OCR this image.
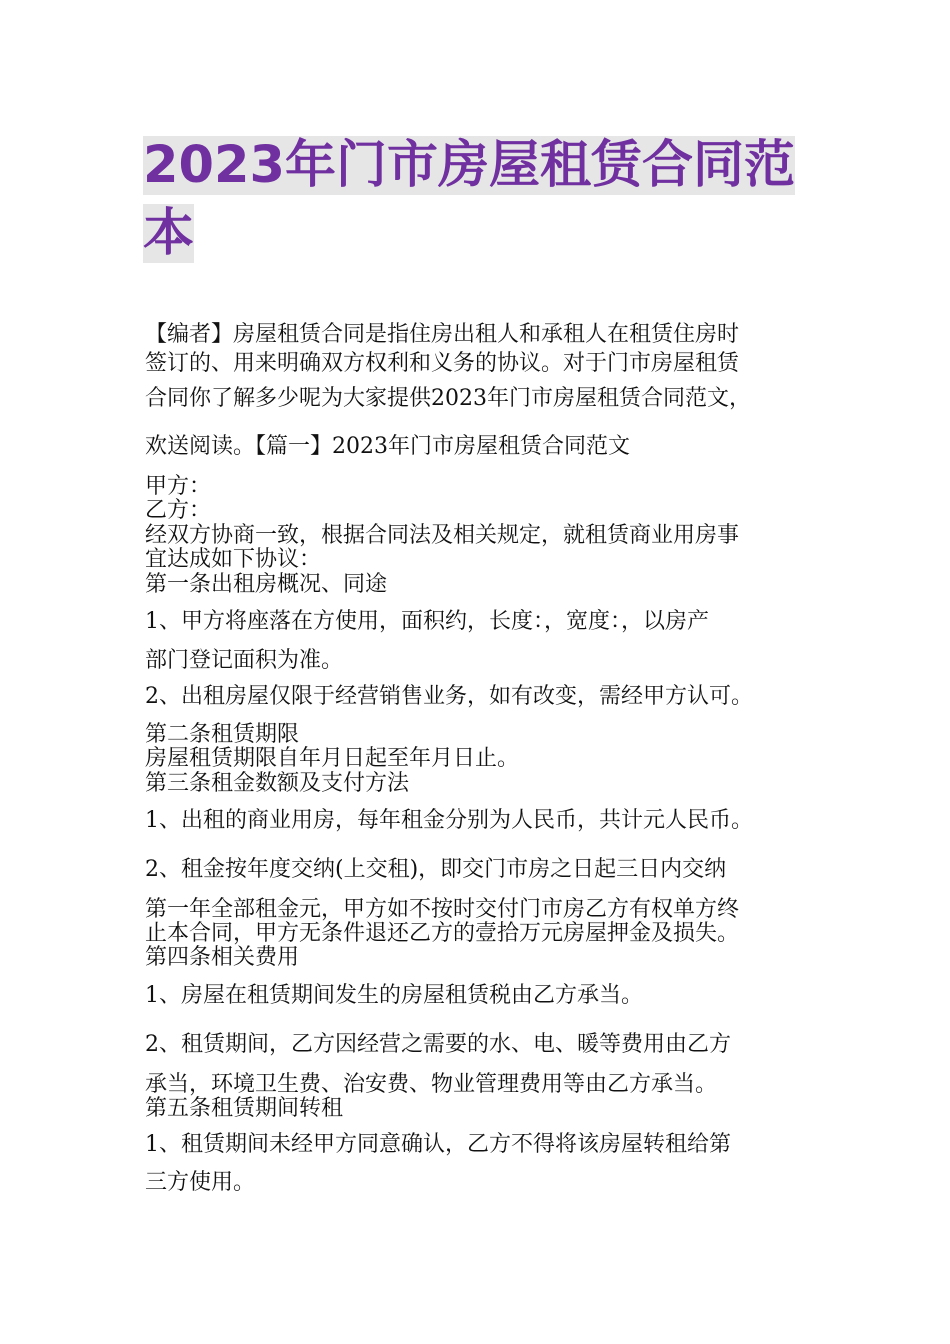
2023年门市房屋租赁合同范本
【编者】房屋租赁合同是指住房出租人和承租人在租赁住房时
签订的、用来明确双方权利和义务的协议。对于门市房屋租赁
合同你了解多少呢为大家提供2023年门市房屋租赁合同范文，
欢送阅读。【篇一】2023年门市房屋租赁合同范文
甲方：
乙方：
经双方协商一致，根据合同法及相关规定，就租赁商业用房事
宜达成如下协议：
第一条出租房概况、同途
1、甲方将座落在方使用，面积约，长度：，宽度：，以房产
部门登记面积为准。
2、出租房屋仅限于经营销售业务，如有改变，需经甲方认可。
第二条租赁期限
房屋租赁期限自年月日起至年月日止。
第三条租金数额及支付方法
1、出租的商业用房，每年租金分别为人民币，共计元人民币。
2、租金按年度交纳(上交租)，即交门市房之日起三日内交纳
第一年全部租金元，甲方如不按时交付门市房乙方有权单方终
止本合同，甲方无条件退还乙方的壹拾万元房屋押金及损失。
第四条相关费用
1、房屋在租赁期间发生的房屋租赁税由乙方承当。
2、租赁期间，乙方因经营之需要的水、电、暖等费用由乙方
承当，环境卫生费、治安费、物业管理费用等由乙方承当。
第五条租赁期间转租
1、租赁期间未经甲方同意确认，乙方不得将该房屋转租给第
三方使用。
